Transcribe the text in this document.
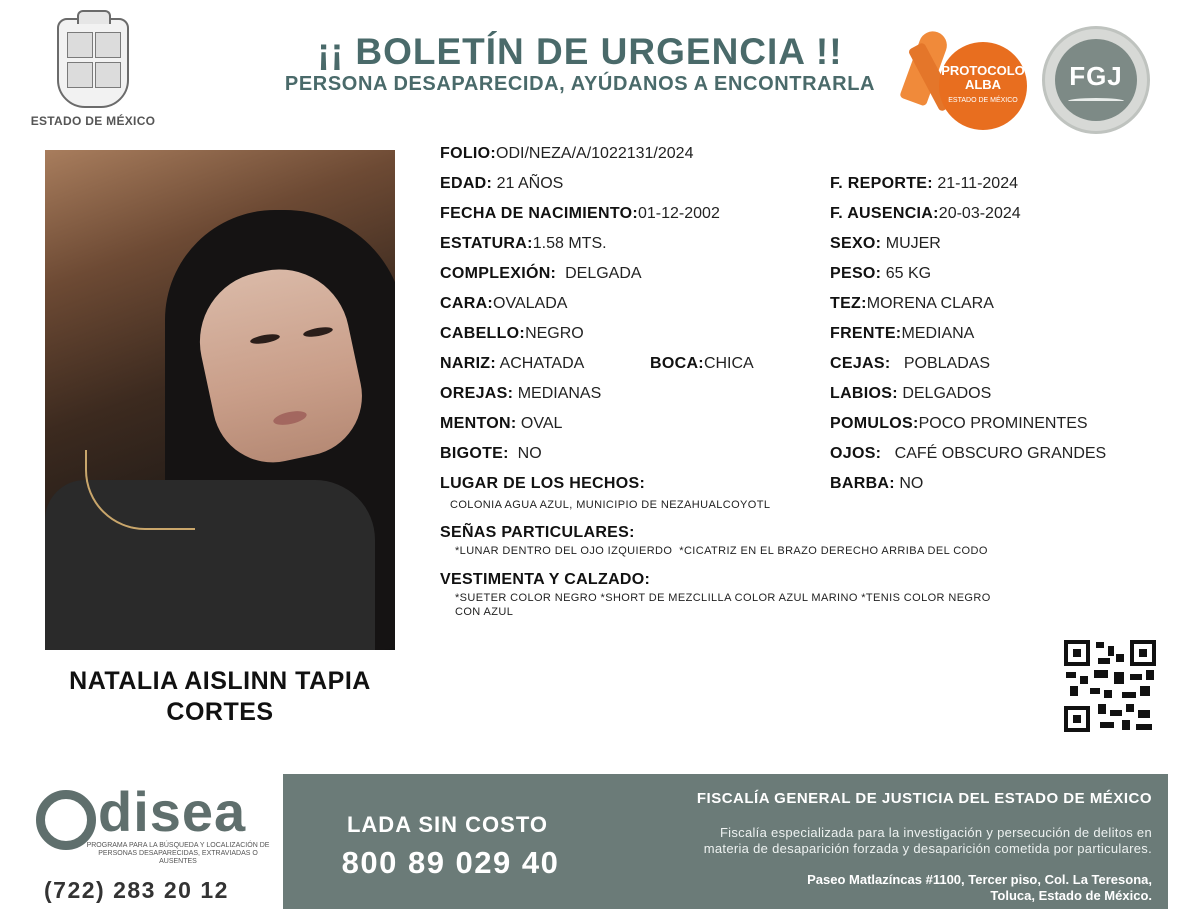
ESTADO DE MÉXICO
¡¡ BOLETÍN DE URGENCIA !!
PERSONA DESAPARECIDA, AYÚDANOS A ENCONTRARLA
PROTOCOLO
ALBA
ESTADO DE MÉXICO
FGJ
NATALIA AISLINN TAPIA
CORTES
FOLIO:ODI/NEZA/A/1022131/2024
EDAD: 21 AÑOS
FECHA DE NACIMIENTO:01-12-2002
ESTATURA:1.58 MTS.
COMPLEXIÓN: DELGADA
CARA:OVALADA
CABELLO:NEGRO
NARIZ: ACHATADA	BOCA:CHICA
OREJAS: MEDIANAS
MENTON: OVAL
BIGOTE: NO
LUGAR DE LOS HECHOS:
COLONIA AGUA AZUL, MUNICIPIO DE NEZAHUALCOYOTL
F. REPORTE: 21-11-2024
F. AUSENCIA:20-03-2024
SEXO: MUJER
PESO: 65 KG
TEZ:MORENA CLARA
FRENTE:MEDIANA
CEJAS: POBLADAS
LABIOS: DELGADOS
POMULOS:POCO PROMINENTES
OJOS: CAFÉ OBSCURO GRANDES
BARBA: NO
SEÑAS PARTICULARES:
*LUNAR DENTRO DEL OJO IZQUIERDO  *CICATRIZ EN EL BRAZO DERECHO ARRIBA DEL CODO
VESTIMENTA Y CALZADO:
*SUETER COLOR NEGRO *SHORT DE MEZCLILLA COLOR AZUL MARINO *TENIS COLOR NEGRO
CON AZUL
disea
PROGRAMA PARA LA BÚSQUEDA Y LOCALIZACIÓN DE PERSONAS DESAPARECIDAS, EXTRAVIADAS O AUSENTES
(722) 283 20 12
LADA SIN COSTO
800 89 029 40
FISCALÍA GENERAL DE JUSTICIA DEL ESTADO DE MÉXICO
Fiscalía especializada para la investigación y persecución de delitos en
materia de desaparición forzada y desaparición cometida por particulares.
Paseo Matlazíncas #1100, Tercer piso, Col. La Teresona,
Toluca, Estado de México.
